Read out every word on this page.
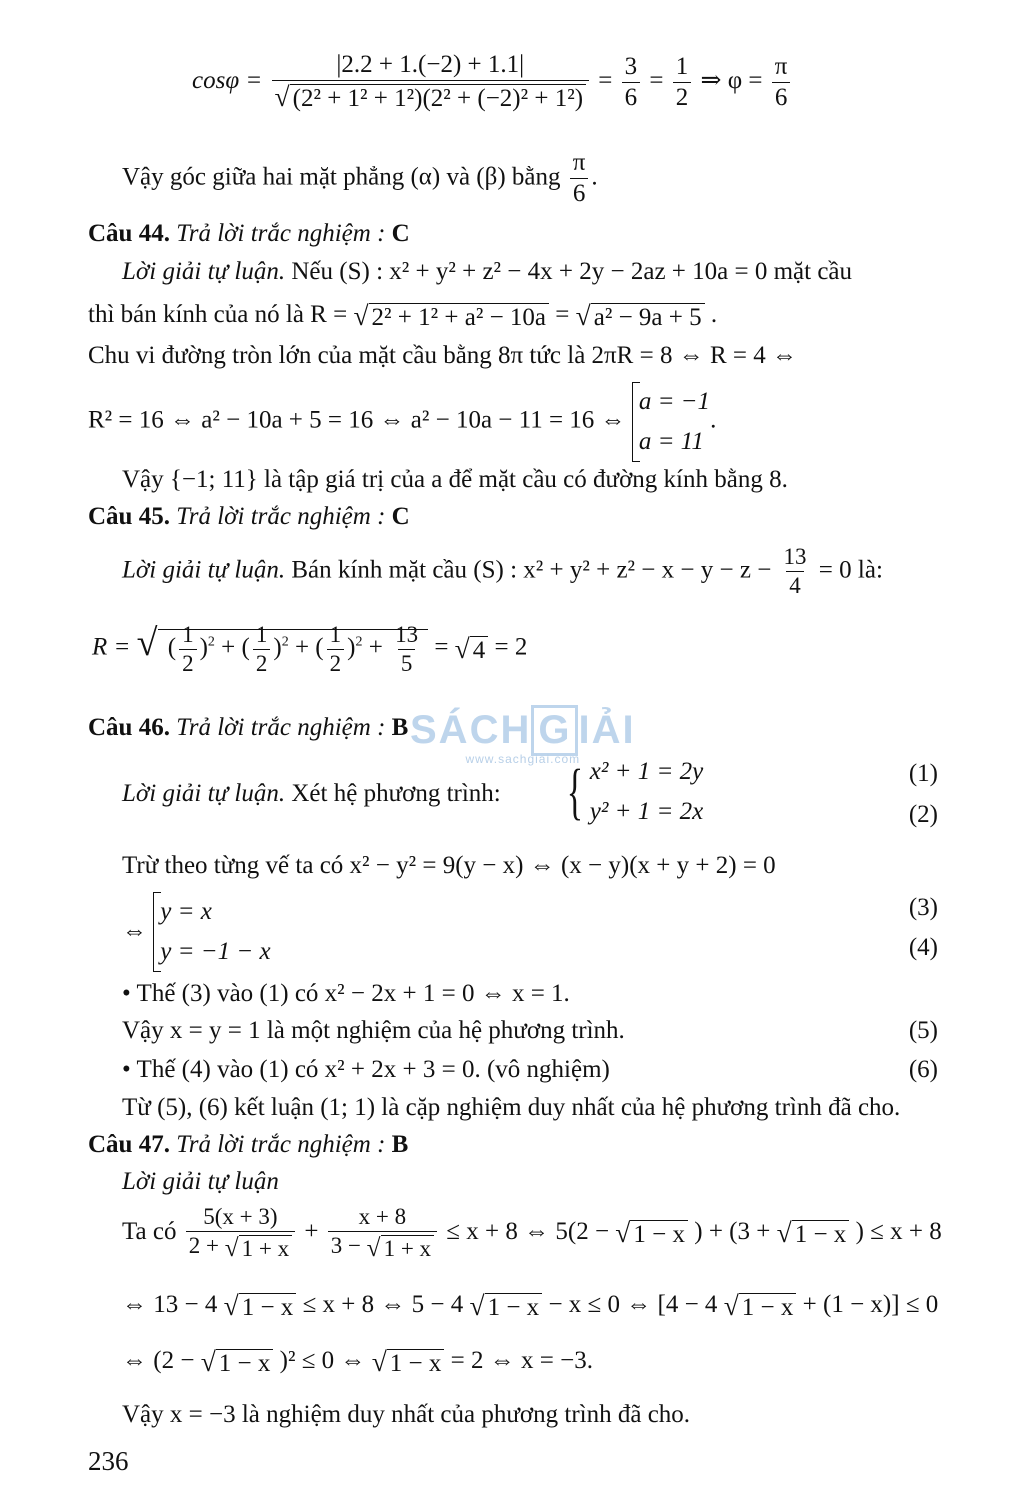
SÁCH G IẢI
www.sachgiai.com
$\cos\varphi = \frac{|2.2 + 1.(-2) + 1.1|}{\text{√ (2² + 1² + 1²)(2² + (−2)² + 1²)}} = \frac{3}{6} = \frac{1}{2}$ ⇒ $\varphi = \frac{\pi}{6}$
Vậy góc giữa hai mặt phẳng (α) và (β) bằng $\frac{\pi}{6}$ .
Câu 44. Trả lời trắc nghiệm : C
Lời giải tự luận. Nếu (S) : x² + y² + z² − 4x + 2y − 2az + 10a = 0 mặt cầu
thì bán kính của nó là R = √ 2² + 1² + a² − 10a = √ a² − 9a + 5 .
Chu vi đường tròn lớn của mặt cầu bằng 8π tức là 2πR = 8 ⇔ R = 4 ⇔
R² = 16 ⇔ a² − 10a + 5 = 16 ⇔ a² − 10a − 11 = 16 ⇔
a = −1
a = 11
.
Vậy {−1; 11} là tập giá trị của a để mặt cầu có đường kính bằng 8.
Câu 45. Trả lời trắc nghiệm : C
Lời giải tự luận. Bán kính mặt cầu (S) : $x^2 + y^2 + z^2 - x - y - z - \frac{13}{4} = 0$ là:
R = √ ( $\frac{1}{2} )^2$ + ( $\frac{1}{2} )^2$ + ( $\frac{1}{2} )^2 + \frac{13}{5}$ = √ 4 = 2
Câu 46. Trả lời trắc nghiệm : B
Lời giải tự luận. Xét hệ phương trình: { x² + 1 = 2y
y² + 1 = 2x
(1)
(2)
Trừ theo từng vế ta có x² − y² = 9(y − x) ⇔ (x − y)(x + y + 2) = 0
⇔
y = x
y = −1 − x
(3)
(4)
• Thế (3) vào (1) có x² − 2x + 1 = 0 ⇔ x = 1.
Vậy x = y = 1 là một nghiệm của hệ phương trình.	(5)
• Thế (4) vào (1) có x² + 2x + 3 = 0. (vô nghiệm)	(6)
Từ (5), (6) kết luận (1; 1) là cặp nghiệm duy nhất của hệ phương trình đã cho.
Câu 47. Trả lời trắc nghiệm : B
Lời giải tự luận
Ta có $\frac{5(x + 3)}{2 + √ 1 + x} + \frac{x + 8}{3 - √ 1 + x} \le x + 8$ ⇔ 5(2 − √ 1 − x ) + (3 + √ 1 − x ) ≤ x + 8
⇔ 13 − 4 √ 1 − x ≤ x + 8 ⇔ 5 − 4 √ 1 − x − x ≤ 0 ⇔ [4 − 4 √ 1 − x + (1 − x)] ≤ 0
⇔ (2 − √ 1 − x )² ≤ 0 ⇔ √ 1 − x = 2 ⇔ x = −3.
Vậy x = −3 là nghiệm duy nhất của phương trình đã cho.
236
